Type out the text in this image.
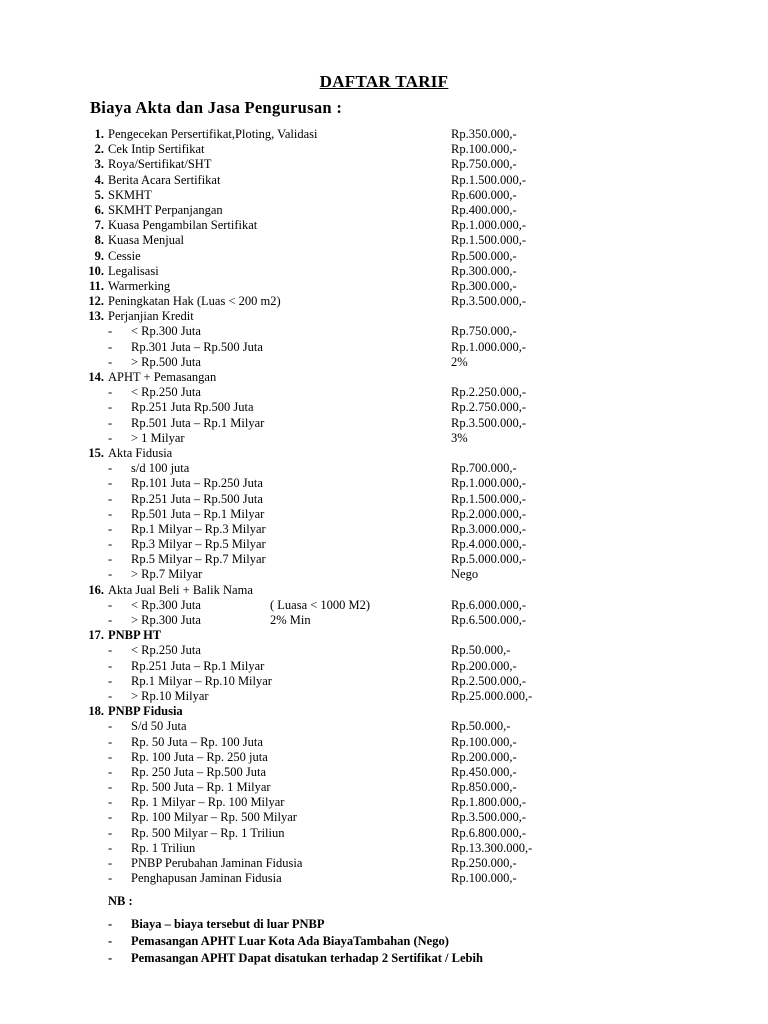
DAFTAR TARIF
Biaya Akta dan Jasa Pengurusan :
1. Pengecekan Persertifikat,Ploting, Validasi	Rp.350.000,-
2. Cek Intip Sertifikat	Rp.100.000,-
3. Roya/Sertifikat/SHT	Rp.750.000,-
4. Berita Acara Sertifikat	Rp.1.500.000,-
5. SKMHT	Rp.600.000,-
6. SKMHT Perpanjangan	Rp.400.000,-
7. Kuasa Pengambilan Sertifikat	Rp.1.000.000,-
8. Kuasa Menjual	Rp.1.500.000,-
9. Cessie	Rp.500.000,-
10. Legalisasi	Rp.300.000,-
11. Warmerking	Rp.300.000,-
12. Peningkatan Hak (Luas < 200 m2)	Rp.3.500.000,-
13. Perjanjian Kredit
- < Rp.300 Juta	Rp.750.000,-
- Rp.301 Juta – Rp.500 Juta	Rp.1.000.000,-
- > Rp.500 Juta	2%
14. APHT + Pemasangan
- < Rp.250 Juta	Rp.2.250.000,-
- Rp.251 Juta Rp.500 Juta	Rp.2.750.000,-
- Rp.501 Juta – Rp.1 Milyar	Rp.3.500.000,-
- > 1 Milyar	3%
15. Akta Fidusia
- s/d 100 juta	Rp.700.000,-
- Rp.101 Juta – Rp.250 Juta	Rp.1.000.000,-
- Rp.251 Juta – Rp.500 Juta	Rp.1.500.000,-
- Rp.501 Juta – Rp.1 Milyar	Rp.2.000.000,-
- Rp.1 Milyar – Rp.3 Milyar	Rp.3.000.000,-
- Rp.3 Milyar – Rp.5 Milyar	Rp.4.000.000,-
- Rp.5 Milyar – Rp.7 Milyar	Rp.5.000.000,-
- > Rp.7 Milyar	Nego
16. Akta Jual Beli + Balik Nama
- < Rp.300 Juta	( Luasa < 1000 M2)	Rp.6.000.000,-
- > Rp.300 Juta	2% Min	Rp.6.500.000,-
17. PNBP HT
- < Rp.250 Juta	Rp.50.000,-
- Rp.251 Juta – Rp.1 Milyar	Rp.200.000,-
- Rp.1 Milyar – Rp.10 Milyar	Rp.2.500.000,-
- > Rp.10 Milyar	Rp.25.000.000,-
18. PNBP Fidusia
- S/d 50 Juta	Rp.50.000,-
- Rp. 50 Juta – Rp. 100 Juta	Rp.100.000,-
- Rp. 100 Juta – Rp. 250 juta	Rp.200.000,-
- Rp. 250 Juta – Rp.500 Juta	Rp.450.000,-
- Rp. 500 Juta – Rp. 1 Milyar	Rp.850.000,-
- Rp. 1 Milyar – Rp. 100 Milyar	Rp.1.800.000,-
- Rp. 100 Milyar – Rp. 500 Milyar	Rp.3.500.000,-
- Rp. 500 Milyar – Rp. 1 Triliun	Rp.6.800.000,-
- Rp. 1 Triliun	Rp.13.300.000,-
- PNBP Perubahan Jaminan Fidusia	Rp.250.000,-
- Penghapusan Jaminan Fidusia	Rp.100.000,-
NB :
- Biaya – biaya tersebut di luar PNBP
- Pemasangan APHT Luar Kota Ada BiayaTambahan (Nego)
- Pemasangan APHT Dapat disatukan terhadap 2 Sertifikat / Lebih
